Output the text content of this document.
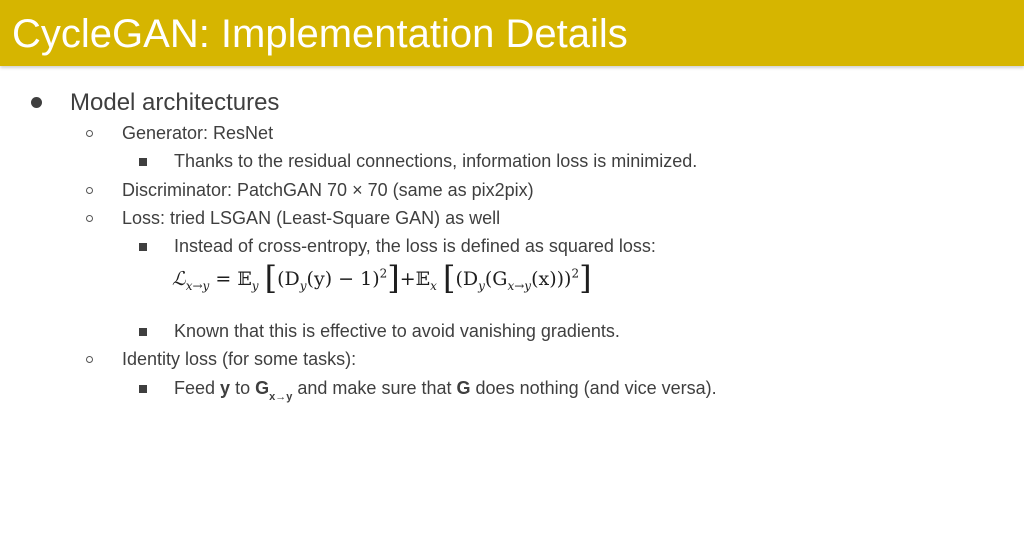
CycleGAN: Implementation Details
Model architectures
Generator: ResNet
Thanks to the residual connections, information loss is minimized.
Discriminator: PatchGAN 70 × 70 (same as pix2pix)
Loss: tried LSGAN (Least-Square GAN) as well
Instead of cross-entropy, the loss is defined as squared loss:
ℒ$_{x\to y}$ = 𝔼$_y$ [($D_y(y)$ − $1)^2]+𝔼_x$ $[(D_y(G_{x\to y}(x)))^2]$
Known that this is effective to avoid vanishing gradients.
Identity loss (for some tasks):
Feed y to $G_{x\to y}$ and make sure that G does nothing (and vice versa).
